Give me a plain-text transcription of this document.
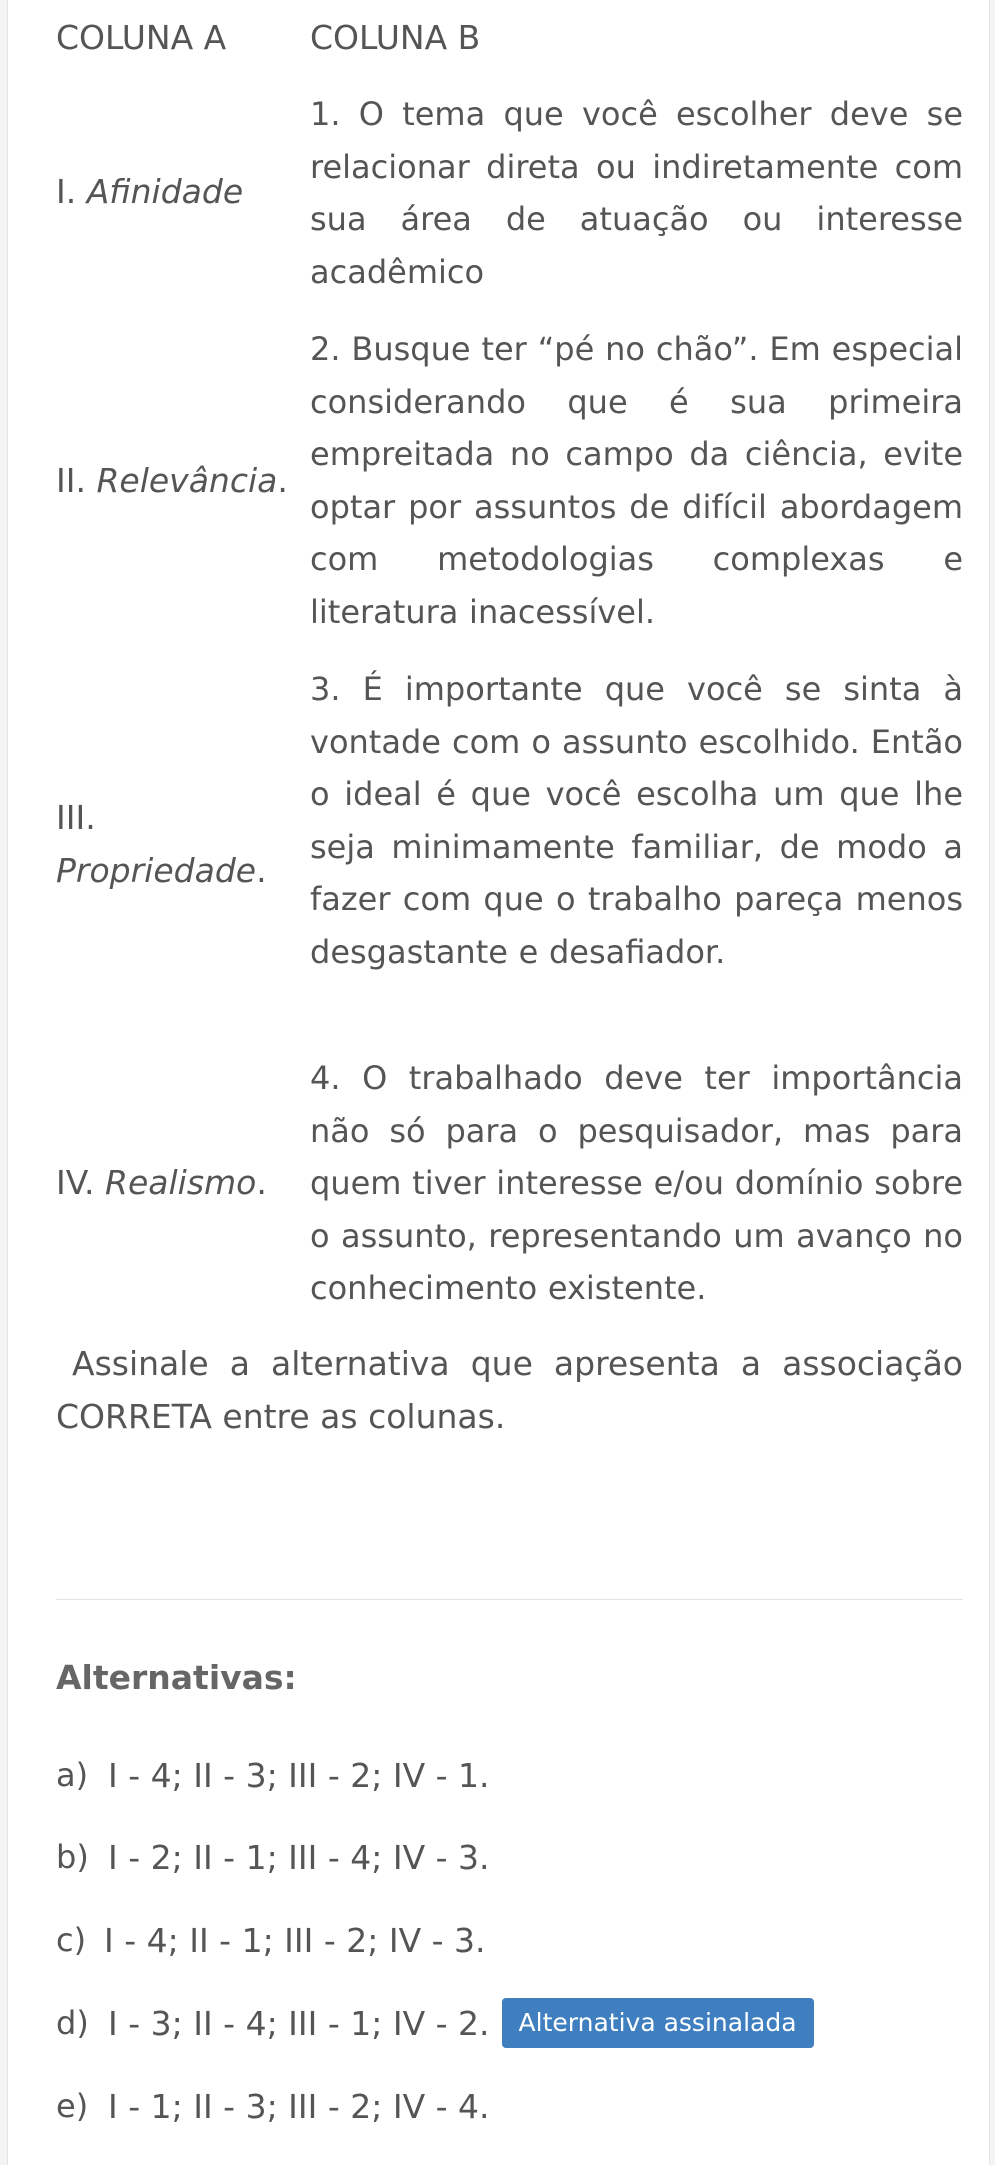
COLUNA A	COLUNA B
I. Afinidade
1. O tema que você escolher deve se relacionar direta ou indiretamente com sua área de atuação ou interesse acadêmico
II. Relevância.
2. Busque ter “pé no chão”. Em especial considerando que é sua primeira empreitada no campo da ciência, evite optar por assuntos de difícil abordagem com metodologias complexas e literatura inacessível.
III. Propriedade.
3. É importante que você se sinta à vontade com o assunto escolhido. Então o ideal é que você escolha um que lhe seja minimamente familiar, de modo a fazer com que o trabalho pareça menos desgastante e desafiador.
IV. Realismo.
4. O trabalhado deve ter importância não só para o pesquisador, mas para quem tiver interesse e/ou domínio sobre o assunto, representando um avanço no conhecimento existente.
Assinale a alternativa que apresenta a associação CORRETA entre as colunas.
Alternativas:
a) I - 4; II - 3; III - 2; IV - 1.
b) I - 2; II - 1; III - 4; IV - 3.
c) I - 4; II - 1; III - 2; IV - 3.
d) I - 3; II - 4; III - 1; IV - 2.	Alternativa assinalada
e) I - 1; II - 3; III - 2; IV - 4.
